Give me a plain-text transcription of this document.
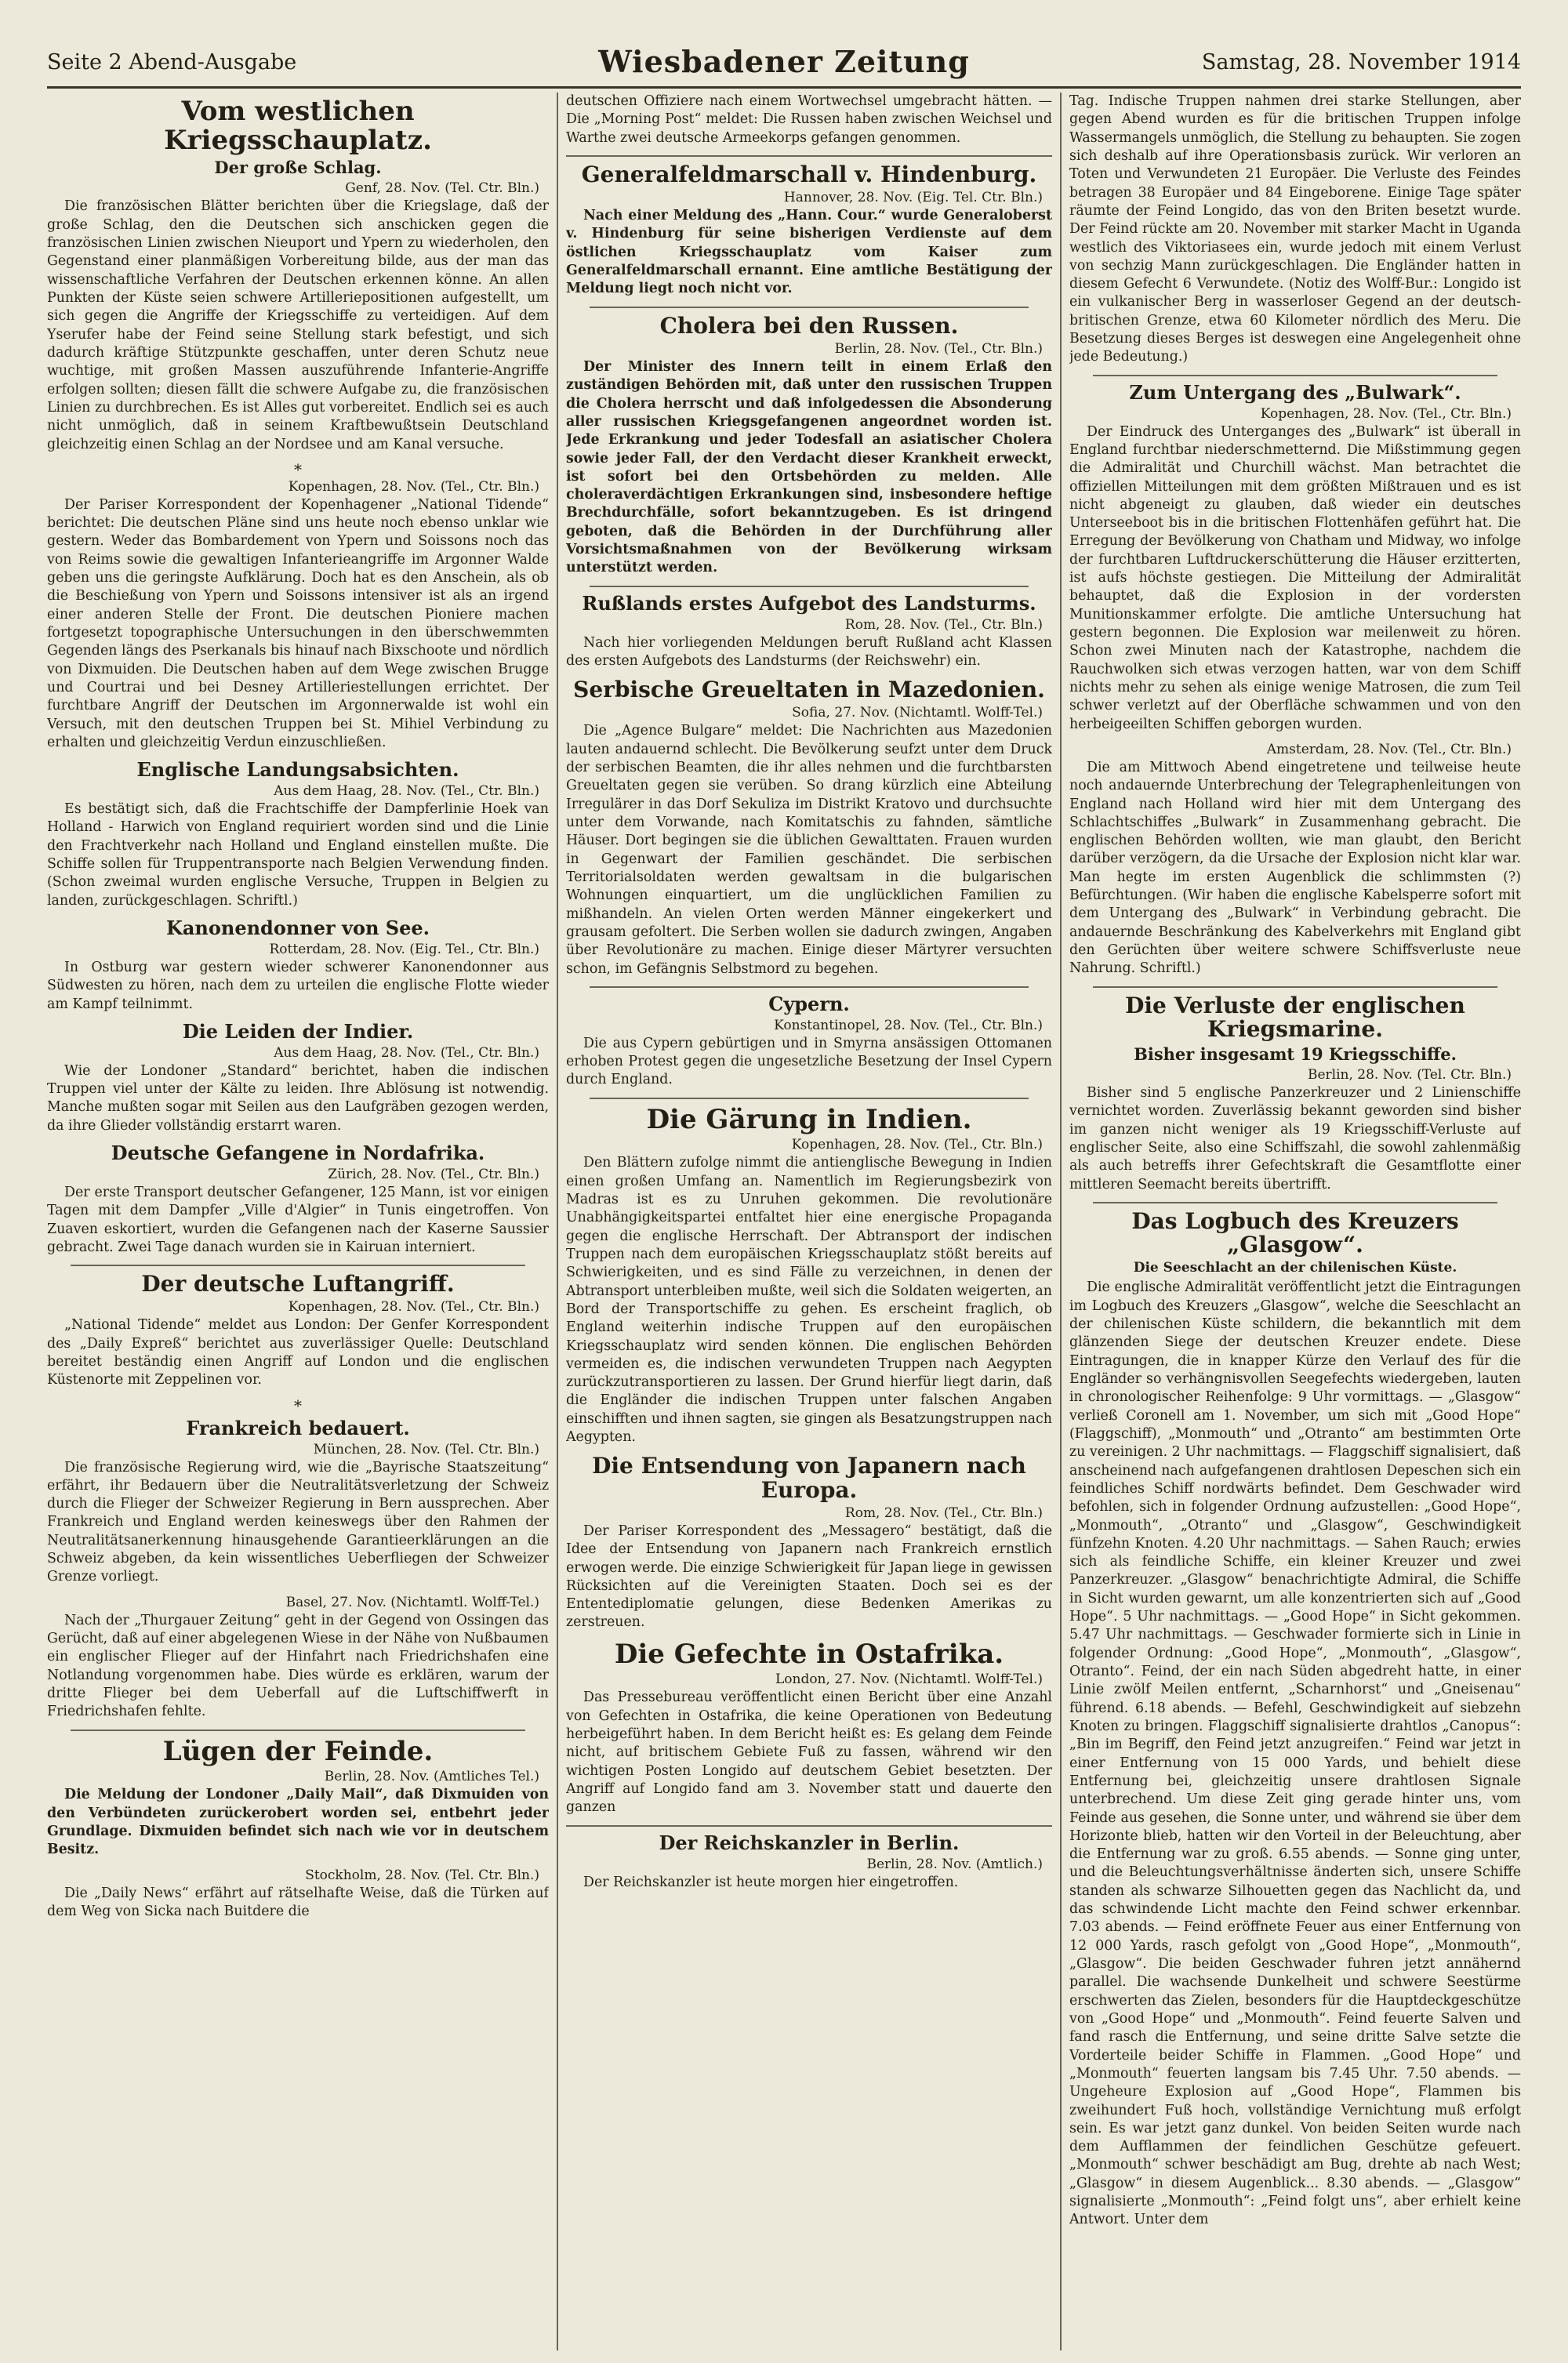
Seite 2 Abend-Ausgabe	Wiesbadener Zeitung	Samstag, 28. November 1914
Vom westlichen Kriegsschauplatz.
Der große Schlag.
Genf, 28. Nov. (Tel. Ctr. Bln.)

Die französischen Blätter berichten über die Kriegslage, daß der große Schlag, den die Deutschen sich anschicken gegen die französischen Linien zwischen Nieuport und Ypern zu wiederholen, den Gegenstand einer planmäßigen Vorbereitung bilde, aus der man das wissenschaftliche Verfahren der Deutschen erkennen könne. An allen Punkten der Küste seien schwere Artilleriepositionen aufgestellt, um sich gegen die Angriffe der Kriegsschiffe zu verteidigen. Auf dem Yserufer habe der Feind seine Stellung stark befestigt, und sich dadurch kräftige Stützpunkte geschaffen, unter deren Schutz neue wuchtige, mit großen Massen auszuführende Infanterie-Angriffe erfolgen sollten; diesen fällt die schwere Aufgabe zu, die französischen Linien zu durchbrechen. Es ist Alles gut vorbereitet. Endlich sei es auch nicht unmöglich, daß in seinem Kraftbewußtsein Deutschland gleichzeitig einen Schlag an der Nordsee und am Kanal versuche.

*
Kopenhagen, 28. Nov. (Tel., Ctr. Bln.)

Der Pariser Korrespondent der Kopenhagener „National Tidende“ berichtet: Die deutschen Pläne sind uns heute noch ebenso unklar wie gestern. Weder das Bombardement von Ypern und Soissons noch das von Reims sowie die gewaltigen Infanterieangriffe im Argonner Walde geben uns die geringste Aufklärung. Doch hat es den Anschein, als ob die Beschießung von Ypern und Soissons intensiver ist als an irgend einer anderen Stelle der Front. Die deutschen Pioniere machen fortgesetzt topographische Untersuchungen in den überschwemmten Gegenden längs des Pserkanals bis hinauf nach Bixschoote und nördlich von Dixmuiden. Die Deutschen haben auf dem Wege zwischen Brugge und Courtrai und bei Desney Artilleriestellungen errichtet. Der furchtbare Angriff der Deutschen im Argonnerwalde ist wohl ein Versuch, mit den deutschen Truppen bei St. Mihiel Verbindung zu erhalten und gleichzeitig Verdun einzuschließen.

Englische Landungsabsichten.
Aus dem Haag, 28. Nov. (Tel., Ctr. Bln.)

Es bestätigt sich, daß die Frachtschiffe der Dampferlinie Hoek van Holland - Harwich von England requiriert worden sind und die Linie den Frachtverkehr nach Holland und England einstellen mußte. Die Schiffe sollen für Truppentransporte nach Belgien Verwendung finden. (Schon zweimal wurden englische Versuche, Truppen in Belgien zu landen, zurückgeschlagen. Schriftl.)

Kanonendonner von See.
Rotterdam, 28. Nov. (Eig. Tel., Ctr. Bln.)

In Ostburg war gestern wieder schwerer Kanonendonner aus Südwesten zu hören, nach dem zu urteilen die englische Flotte wieder am Kampf teilnimmt.

Die Leiden der Indier.
Aus dem Haag, 28. Nov. (Tel., Ctr. Bln.)

Wie der Londoner „Standard“ berichtet, haben die indischen Truppen viel unter der Kälte zu leiden. Ihre Ablösung ist notwendig. Manche mußten sogar mit Seilen aus den Laufgräben gezogen werden, da ihre Glieder vollständig erstarrt waren.

Deutsche Gefangene in Nordafrika.
Zürich, 28. Nov. (Tel., Ctr. Bln.)

Der erste Transport deutscher Gefangener, 125 Mann, ist vor einigen Tagen mit dem Dampfer „Ville d'Algier“ in Tunis eingetroffen. Von Zuaven eskortiert, wurden die Gefangenen nach der Kaserne Saussier gebracht. Zwei Tage danach wurden sie in Kairuan interniert.

Der deutsche Luftangriff.
Kopenhagen, 28. Nov. (Tel., Ctr. Bln.)

„National Tidende“ meldet aus London: Der Genfer Korrespondent des „Daily Expreß“ berichtet aus zuverlässiger Quelle: Deutschland bereitet beständig einen Angriff auf London und die englischen Küstenorte mit Zeppelinen vor.

*
Frankreich bedauert.
München, 28. Nov. (Tel. Ctr. Bln.)

Die französische Regierung wird, wie die „Bayrische Staatszeitung“ erfährt, ihr Bedauern über die Neutralitätsverletzung der Schweiz durch die Flieger der Schweizer Regierung in Bern aussprechen. Aber Frankreich und England werden keineswegs über den Rahmen der Neutralitätsanerkennung hinausgehende Garantieerklärungen an die Schweiz abgeben, da kein wissentliches Ueberfliegen der Schweizer Grenze vorliegt.

Basel, 27. Nov. (Nichtamtl. Wolff-Tel.)

Nach der „Thurgauer Zeitung“ geht in der Gegend von Ossingen das Gerücht, daß auf einer abgelegenen Wiese in der Nähe von Nußbaumen ein englischer Flieger auf der Hinfahrt nach Friedrichshafen eine Notlandung vorgenommen habe. Dies würde es erklären, warum der dritte Flieger bei dem Ueberfall auf die Luftschiffwerft in Friedrichshafen fehlte.

Lügen der Feinde.
Berlin, 28. Nov. (Amtliches Tel.)

Die Meldung der Londoner „Daily Mail“, daß Dixmuiden von den Verbündeten zurückerobert worden sei, entbehrt jeder Grundlage. Dixmuiden befindet sich nach wie vor in deutschem Besitz.

Stockholm, 28. Nov. (Tel. Ctr. Bln.)

Die „Daily News“ erfährt auf rätselhafte Weise, daß die Türken auf dem Weg von Sicka nach Buitdere die

deutschen Offiziere nach einem Wortwechsel umgebracht hätten. — Die „Morning Post“ meldet: Die Russen haben zwischen Weichsel und Warthe zwei deutsche Armeekorps gefangen genommen.

Generalfeldmarschall v. Hindenburg.
Hannover, 28. Nov. (Eig. Tel. Ctr. Bln.)

Nach einer Meldung des „Hann. Cour.“ wurde Generaloberst v. Hindenburg für seine bisherigen Verdienste auf dem östlichen Kriegsschauplatz vom Kaiser zum Generalfeldmarschall ernannt. Eine amtliche Bestätigung der Meldung liegt noch nicht vor.

Cholera bei den Russen.
Berlin, 28. Nov. (Tel., Ctr. Bln.)

Der Minister des Innern teilt in einem Erlaß den zuständigen Behörden mit, daß unter den russischen Truppen die Cholera herrscht und daß infolgedessen die Absonderung aller russischen Kriegsgefangenen angeordnet worden ist. Jede Erkrankung und jeder Todesfall an asiatischer Cholera sowie jeder Fall, der den Verdacht dieser Krankheit erweckt, ist sofort bei den Ortsbehörden zu melden. Alle choleraverdächtigen Erkrankungen sind, insbesondere heftige Brechdurchfälle, sofort bekanntzugeben. Es ist dringend geboten, daß die Behörden in der Durchführung aller Vorsichtsmaßnahmen von der Bevölkerung wirksam unterstützt werden.

Rußlands erstes Aufgebot des Landsturms.
Rom, 28. Nov. (Tel., Ctr. Bln.)

Nach hier vorliegenden Meldungen beruft Rußland acht Klassen des ersten Aufgebots des Landsturms (der Reichswehr) ein.

Serbische Greueltaten in Mazedonien.
Sofia, 27. Nov. (Nichtamtl. Wolff-Tel.)

Die „Agence Bulgare“ meldet: Die Nachrichten aus Mazedonien lauten andauernd schlecht. Die Bevölkerung seufzt unter dem Druck der serbischen Beamten, die ihr alles nehmen und die furchtbarsten Greueltaten gegen sie verüben. So drang kürzlich eine Abteilung Irregulärer in das Dorf Sekuliza im Distrikt Kratovo und durchsuchte unter dem Vorwande, nach Komitatschis zu fahnden, sämtliche Häuser. Dort begingen sie die üblichen Gewalttaten. Frauen wurden in Gegenwart der Familien geschändet. Die serbischen Territorialsoldaten werden gewaltsam in die bulgarischen Wohnungen einquartiert, um die unglücklichen Familien zu mißhandeln. An vielen Orten werden Männer eingekerkert und grausam gefoltert. Die Serben wollen sie dadurch zwingen, Angaben über Revolutionäre zu machen. Einige dieser Märtyrer versuchten schon, im Gefängnis Selbstmord zu begehen.

Cypern.
Konstantinopel, 28. Nov. (Tel., Ctr. Bln.)

Die aus Cypern gebürtigen und in Smyrna ansässigen Ottomanen erhoben Protest gegen die ungesetzliche Besetzung der Insel Cypern durch England.

Die Gärung in Indien.
Kopenhagen, 28. Nov. (Tel., Ctr. Bln.)

Den Blättern zufolge nimmt die antienglische Bewegung in Indien einen großen Umfang an. Namentlich im Regierungsbezirk von Madras ist es zu Unruhen gekommen. Die revolutionäre Unabhängigkeitspartei entfaltet hier eine energische Propaganda gegen die englische Herrschaft. Der Abtransport der indischen Truppen nach dem europäischen Kriegsschauplatz stößt bereits auf Schwierigkeiten, und es sind Fälle zu verzeichnen, in denen der Abtransport unterbleiben mußte, weil sich die Soldaten weigerten, an Bord der Transportschiffe zu gehen. Es erscheint fraglich, ob England weiterhin indische Truppen auf den europäischen Kriegsschauplatz wird senden können. Die englischen Behörden vermeiden es, die indischen verwundeten Truppen nach Aegypten zurückzutransportieren zu lassen. Der Grund hierfür liegt darin, daß die Engländer die indischen Truppen unter falschen Angaben einschifften und ihnen sagten, sie gingen als Besatzungstruppen nach Aegypten.

Die Entsendung von Japanern nach Europa.
Rom, 28. Nov. (Tel., Ctr. Bln.)

Der Pariser Korrespondent des „Messagero“ bestätigt, daß die Idee der Entsendung von Japanern nach Frankreich ernstlich erwogen werde. Die einzige Schwierigkeit für Japan liege in gewissen Rücksichten auf die Vereinigten Staaten. Doch sei es der Ententediplomatie gelungen, diese Bedenken Amerikas zu zerstreuen.

Die Gefechte in Ostafrika.
London, 27. Nov. (Nichtamtl. Wolff-Tel.)

Das Pressebureau veröffentlicht einen Bericht über eine Anzahl von Gefechten in Ostafrika, die keine Operationen von Bedeutung herbeigeführt haben. In dem Bericht heißt es: Es gelang dem Feinde nicht, auf britischem Gebiete Fuß zu fassen, während wir den wichtigen Posten Longido auf deutschem Gebiet besetzten. Der Angriff auf Longido fand am 3. November statt und dauerte den ganzen

Der Reichskanzler in Berlin.
Berlin, 28. Nov. (Amtlich.)

Der Reichskanzler ist heute morgen hier eingetroffen.

Tag. Indische Truppen nahmen drei starke Stellungen, aber gegen Abend wurden es für die britischen Truppen infolge Wassermangels unmöglich, die Stellung zu behaupten. Sie zogen sich deshalb auf ihre Operationsbasis zurück. Wir verloren an Toten und Verwundeten 21 Europäer. Die Verluste des Feindes betragen 38 Europäer und 84 Eingeborene. Einige Tage später räumte der Feind Longido, das von den Briten besetzt wurde. Der Feind rückte am 20. November mit starker Macht in Uganda westlich des Viktoriasees ein, wurde jedoch mit einem Verlust von sechzig Mann zurückgeschlagen. Die Engländer hatten in diesem Gefecht 6 Verwundete. (Notiz des Wolff-Bur.: Longido ist ein vulkanischer Berg in wasserloser Gegend an der deutsch-britischen Grenze, etwa 60 Kilometer nördlich des Meru. Die Besetzung dieses Berges ist deswegen eine Angelegenheit ohne jede Bedeutung.)

Zum Untergang des „Bulwark“.
Kopenhagen, 28. Nov. (Tel., Ctr. Bln.)

Der Eindruck des Unterganges des „Bulwark“ ist überall in England furchtbar niederschmetternd. Die Mißstimmung gegen die Admiralität und Churchill wächst. Man betrachtet die offiziellen Mitteilungen mit dem größten Mißtrauen und es ist nicht abgeneigt zu glauben, daß wieder ein deutsches Unterseeboot bis in die britischen Flottenhäfen geführt hat. Die Erregung der Bevölkerung von Chatham und Midway, wo infolge der furchtbaren Luftdruckerschütterung die Häuser erzitterten, ist aufs höchste gestiegen. Die Mitteilung der Admiralität behauptet, daß die Explosion in der vordersten Munitionskammer erfolgte. Die amtliche Untersuchung hat gestern begonnen. Die Explosion war meilenweit zu hören. Schon zwei Minuten nach der Katastrophe, nachdem die Rauchwolken sich etwas verzogen hatten, war von dem Schiff nichts mehr zu sehen als einige wenige Matrosen, die zum Teil schwer verletzt auf der Oberfläche schwammen und von den herbeigeeilten Schiffen geborgen wurden.

Amsterdam, 28. Nov. (Tel., Ctr. Bln.)

Die am Mittwoch Abend eingetretene und teilweise heute noch andauernde Unterbrechung der Telegraphenleitungen von England nach Holland wird hier mit dem Untergang des Schlachtschiffes „Bulwark“ in Zusammenhang gebracht. Die englischen Behörden wollten, wie man glaubt, den Bericht darüber verzögern, da die Ursache der Explosion nicht klar war. Man hegte im ersten Augenblick die schlimmsten (?) Befürchtungen. (Wir haben die englische Kabelsperre sofort mit dem Untergang des „Bulwark“ in Verbindung gebracht. Die andauernde Beschränkung des Kabelverkehrs mit England gibt den Gerüchten über weitere schwere Schiffsverluste neue Nahrung. Schriftl.)

Die Verluste der englischen Kriegsmarine.
Bisher insgesamt 19 Kriegsschiffe.
Berlin, 28. Nov. (Tel. Ctr. Bln.)

Bisher sind 5 englische Panzerkreuzer und 2 Linienschiffe vernichtet worden. Zuverlässig bekannt geworden sind bisher im ganzen nicht weniger als 19 Kriegsschiff-Verluste auf englischer Seite, also eine Schiffszahl, die sowohl zahlenmäßig als auch betreffs ihrer Gefechtskraft die Gesamtflotte einer mittleren Seemacht bereits übertrifft.

Das Logbuch des Kreuzers „Glasgow“.
Die Seeschlacht an der chilenischen Küste.

Die englische Admiralität veröffentlicht jetzt die Eintragungen im Logbuch des Kreuzers „Glasgow“, welche die Seeschlacht an der chilenischen Küste schildern, die bekanntlich mit dem glänzenden Siege der deutschen Kreuzer endete. Diese Eintragungen, die in knapper Kürze den Verlauf des für die Engländer so verhängnisvollen Seegefechts wiedergeben, lauten in chronologischer Reihenfolge: 9 Uhr vormittags. — „Glasgow“ verließ Coronell am 1. November, um sich mit „Good Hope“ (Flaggschiff), „Monmouth“ und „Otranto“ am bestimmten Orte zu vereinigen. 2 Uhr nachmittags. — Flaggschiff signalisiert, daß anscheinend nach aufgefangenen drahtlosen Depeschen sich ein feindliches Schiff nordwärts befindet. Dem Geschwader wird befohlen, sich in folgender Ordnung aufzustellen: „Good Hope“, „Monmouth“, „Otranto“ und „Glasgow“, Geschwindigkeit fünfzehn Knoten. 4.20 Uhr nachmittags. — Sahen Rauch; erwies sich als feindliche Schiffe, ein kleiner Kreuzer und zwei Panzerkreuzer. „Glasgow“ benachrichtigte Admiral, die Schiffe in Sicht wurden gewarnt, um alle konzentrierten sich auf „Good Hope“. 5 Uhr nachmittags. — „Good Hope“ in Sicht gekommen. 5.47 Uhr nachmittags. — Geschwader formierte sich in Linie in folgender Ordnung: „Good Hope“, „Monmouth“, „Glasgow“, Otranto“. Feind, der ein nach Süden abgedreht hatte, in einer Linie zwölf Meilen entfernt, „Scharnhorst“ und „Gneisenau“ führend. 6.18 abends. — Befehl, Geschwindigkeit auf siebzehn Knoten zu bringen. Flaggschiff signalisierte drahtlos „Canopus“: „Bin im Begriff, den Feind jetzt anzugreifen.“ Feind war jetzt in einer Entfernung von 15 000 Yards, und behielt diese Entfernung bei, gleichzeitig unsere drahtlosen Signale unterbrechend. Um diese Zeit ging gerade hinter uns, vom Feinde aus gesehen, die Sonne unter, und während sie über dem Horizonte blieb, hatten wir den Vorteil in der Beleuchtung, aber die Entfernung war zu groß. 6.55 abends. — Sonne ging unter, und die Beleuchtungsverhältnisse änderten sich, unsere Schiffe standen als schwarze Silhouetten gegen das Nachlicht da, und das schwindende Licht machte den Feind schwer erkennbar. 7.03 abends. — Feind eröffnete Feuer aus einer Entfernung von 12 000 Yards, rasch gefolgt von „Good Hope“, „Monmouth“, „Glasgow“. Die beiden Geschwader fuhren jetzt annähernd parallel. Die wachsende Dunkelheit und schwere Seestürme erschwerten das Zielen, besonders für die Hauptdeckgeschütze von „Good Hope“ und „Monmouth“. Feind feuerte Salven und fand rasch die Entfernung, und seine dritte Salve setzte die Vorderteile beider Schiffe in Flammen. „Good Hope“ und „Monmouth“ feuerten langsam bis 7.45 Uhr. 7.50 abends. — Ungeheure Explosion auf „Good Hope“, Flammen bis zweihundert Fuß hoch, vollständige Vernichtung muß erfolgt sein. Es war jetzt ganz dunkel. Von beiden Seiten wurde nach dem Aufflammen der feindlichen Geschütze gefeuert. „Monmouth“ schwer beschädigt am Bug, drehte ab nach West; „Glasgow“ in diesem Augenblick... 8.30 abends. — „Glasgow“ signalisierte „Monmouth“: „Feind folgt uns“, aber erhielt keine Antwort. Unter dem
